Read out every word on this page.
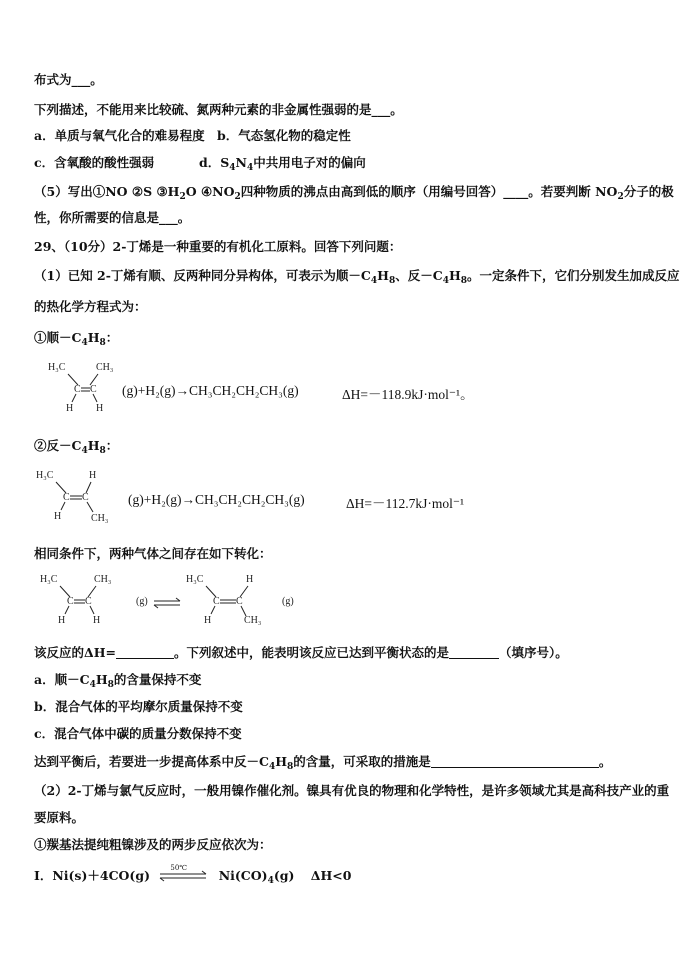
布式为___。
下列描述，不能用来比较硫、氮两种元素的非金属性强弱的是___。
a．单质与氧气化合的难易程度 b．气态氢化物的稳定性
c．含氧酸的酸性强弱	d．$S_4N_4$中共用电子对的偏向
（5）写出①NO ②S $③H_2O$ $④NO_2$四种物质的沸点由高到低的顺序（用编号回答）____。若要判断 $NO_2$分子的极
性，你所需要的信息是___。
29、（10分）2-丁烯是一种重要的有机化工原料。回答下列问题：
（1）已知 2-丁烯有顺、反两种同分异构体，可表示为顺$-C_4H_8$、反$-C_4H_8$。一定条件下，它们分别发生加成反应
的热化学方程式为：
①顺$-C_4H_8$：
H₃C	CH₃
C C
H H
(g)+H₂(g)→CH₃CH₂CH₂CH₃(g)	ΔH=－118.9kJ·mol⁻¹。
②反$-C_4H_8$：
H₃C	H
C C
H	CH₃
(g)+H₂(g)→CH₃CH₂CH₂CH₃(g)	ΔH=－112.7kJ·mol⁻¹
相同条件下，两种气体之间存在如下转化：
H₃C	CH₃
C C
H	H
(g)
H₃C	H
C C
H	CH₃
(g)
该反应的ΔH=	。下列叙述中，能表明该反应已达到平衡状态的是	（填序号）。
a．顺$-C_4H_8$的含量保持不变
b．混合气体的平均摩尔质量保持不变
c．混合气体中碳的质量分数保持不变
达到平衡后，若要进一步提高体系中反$-C_4H_8$的含量，可采取的措施是	。
（2）2-丁烯与氯气反应时，一般用镍作催化剂。镍具有优良的物理和化学特性，是许多领域尤其是高科技产业的重
要原料。
①羰基法提纯粗镍涉及的两步反应依次为：
Ⅰ．Ni(s)＋4CO(g)	50℃	$Ni(CO)_4(g)$ ΔH<0
